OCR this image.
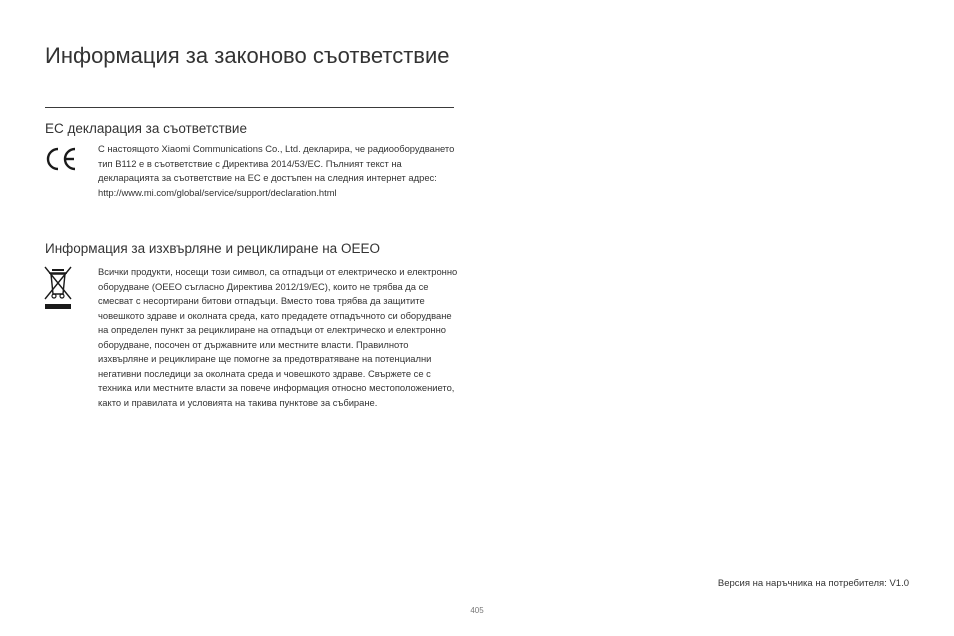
Информация за законово съответствие
ЕС декларация за съответствие

С настоящото Xiaomi Communications Co., Ltd. декларира, че радиооборудването тип B112 е в съответствие с Директива 2014/53/ЕС. Пълният текст на декларацията за съответствие на ЕС е достъпен на следния интернет адрес: http://www.mi.com/global/service/support/declaration.html

Информация за изхвърляне и рециклиране на ОЕЕО

Всички продукти, носещи този символ, са отпадъци от електрическо и електронно оборудване (ОЕЕО съгласно Директива 2012/19/ЕС), които не трябва да се смесват с несортирани битови отпадъци. Вместо това трябва да защитите човешкото здраве и околната среда, като предадете отпадъчното си оборудване на определен пункт за рециклиране на отпадъци от електрическо и електронно оборудване, посочен от държавните или местните власти. Правилното изхвърляне и рециклиране ще помогне за предотвратяване на потенциални негативни последици за околната среда и човешкото здраве. Свържете се с техника или местните власти за повече информация относно местоположението, както и правилата и условията на такива пунктове за събиране.

Версия на наръчника на потребителя: V1.0
405
